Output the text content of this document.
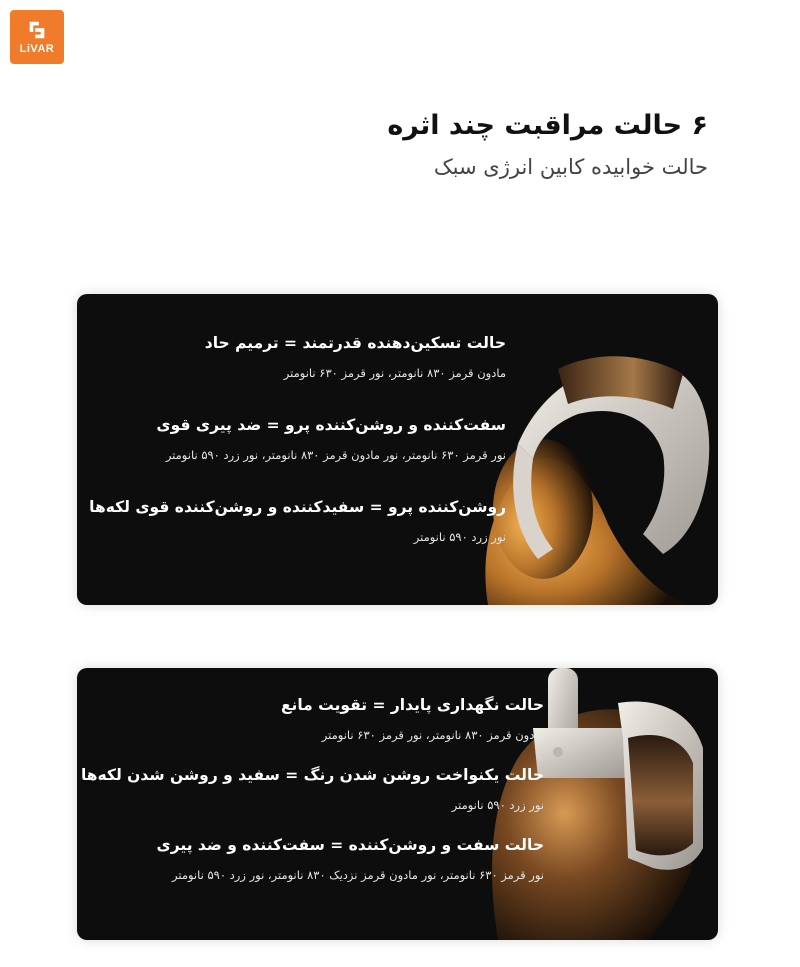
LiVAR
۶ حالت مراقبت چند اثره
حالت خوابیده کابین انرژی سبک
حالت تسکین‌دهنده قدرتمند = ترمیم حاد
مادون قرمز ۸۳۰ نانومتر، نور قرمز ۶۳۰ نانومتر
سفت‌کننده و روشن‌کننده پرو = ضد پیری قوی
نور قرمز ۶۳۰ نانومتر، نور مادون قرمز ۸۳۰ نانومتر، نور زرد ۵۹۰ نانومتر
روشن‌کننده پرو = سفیدکننده و روشن‌کننده قوی لکه‌ها
نور زرد ۵۹۰ نانومتر
حالت نگهداری پایدار = تقویت مانع
مادون قرمز ۸۳۰ نانومتر، نور قرمز ۶۳۰ نانومتر
حالت یکنواخت روشن شدن رنگ = سفید و روشن شدن لکه‌ها
نور زرد ۵۹۰ نانومتر
حالت سفت و روشن‌کننده = سفت‌کننده و ضد پیری
نور قرمز ۶۳۰ نانومتر، نور مادون قرمز نزدیک ۸۳۰ نانومتر، نور زرد ۵۹۰ نانومتر
